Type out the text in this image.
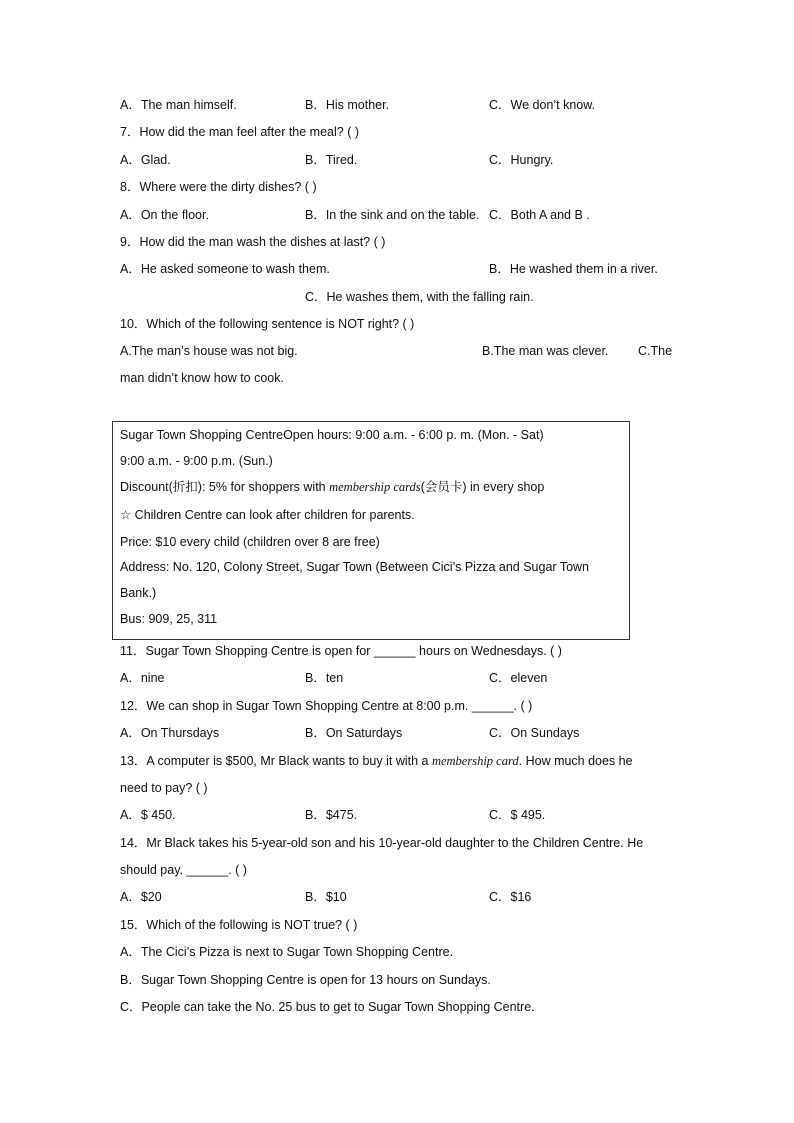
A．The man himself.	B．His mother.	C．We don’t know.
7．How did the man feel after the meal? ( )
A．Glad.	B．Tired.	C．Hungry.
8．Where were the dirty dishes? ( )
A．On the floor.	B．In the sink and on the table. C．Both A and B .
9．How did the man wash the dishes at last? ( )
A．He asked someone to wash them.	B．He washed them in a river.
C．He washes them, with the falling rain.
10．Which of the following sentence is NOT right? ( )
A.The man’s house was not big.	B.The man was clever. C.The
man didn’t know how to cook.
Sugar Town Shopping CentreOpen hours: 9:00 a.m. - 6:00 p. m. (Mon. - Sat)
9:00 a.m. - 9:00 p.m. (Sun.)
Discount(折扣): 5% for shoppers with membership cards(会员卡) in every shop
☆ Children Centre can look after children for parents.
Price: $10 every child (children over 8 are free)
Address: No. 120, Colony Street, Sugar Town (Between Cici’s Pizza and Sugar Town
Bank.)
Bus: 909, 25, 311
11．Sugar Town Shopping Centre is open for ______ hours on Wednesdays. ( )
A．nine	B．ten	C．eleven
12．We can shop in Sugar Town Shopping Centre at 8:00 p.m. ______. ( )
A．On Thursdays	B．On Saturdays	C．On Sundays
13．A computer is $500, Mr Black wants to buy it with a membership card. How much does he
need to pay? ( )
A．$ 450.	B．$475.	C．$ 495.
14．Mr Black takes his 5-year-old son and his 10-year-old daughter to the Children Centre. He
should pay. ______. ( )
A．$20	B．$10	C．$16
15．Which of the following is NOT true? ( )
A．The Cici’s Pizza is next to Sugar Town Shopping Centre.
B．Sugar Town Shopping Centre is open for 13 hours on Sundays.
C．People can take the No. 25 bus to get to Sugar Town Shopping Centre.
